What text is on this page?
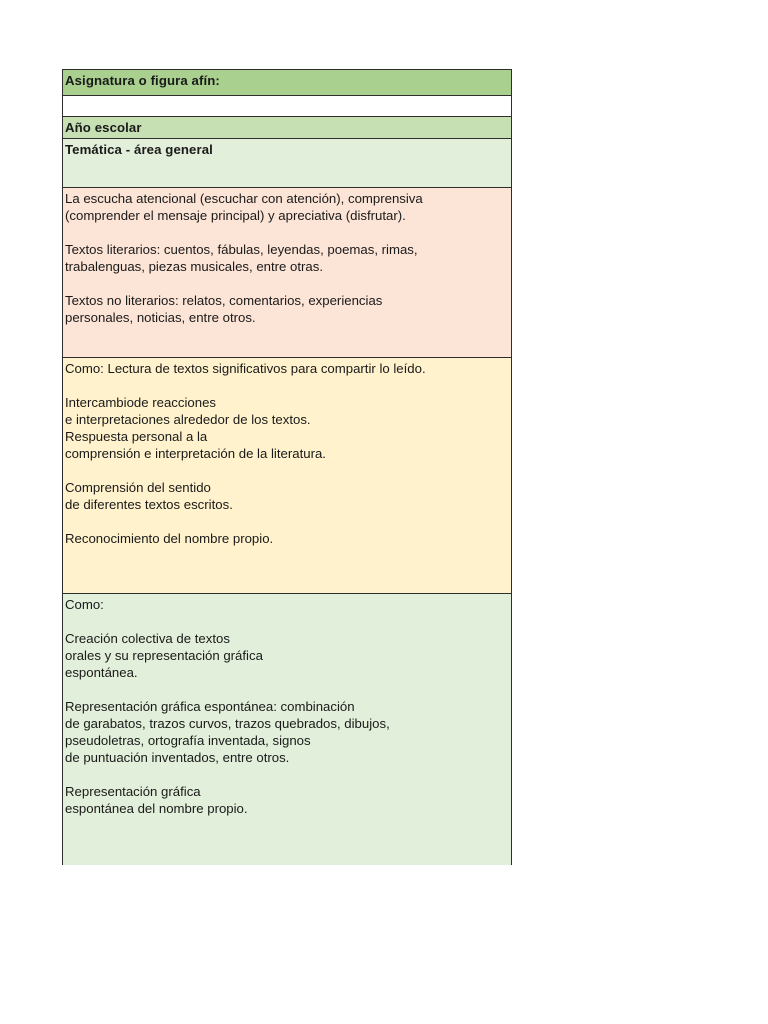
Asignatura o figura afín:
Año escolar
Temática - área general

La escucha atencional (escuchar con atención), comprensiva
(comprender el mensaje principal) y apreciativa (disfrutar).

Textos literarios: cuentos, fábulas, leyendas, poemas, rimas,
trabalenguas, piezas musicales, entre otras.

Textos no literarios: relatos, comentarios, experiencias
personales, noticias, entre otros.

Como: Lectura de textos significativos para compartir lo leído.

Intercambiode reacciones
e interpretaciones alrededor de los textos.
Respuesta personal a la
comprensión e interpretación de la literatura.

Comprensión del sentido
de diferentes textos escritos.

Reconocimiento del nombre propio.

Como:

Creación colectiva de textos
orales y su representación gráfica
espontánea.

Representación gráfica espontánea: combinación
de garabatos, trazos curvos, trazos quebrados, dibujos,
pseudoletras, ortografía inventada, signos
de puntuación inventados, entre otros.

Representación gráfica
espontánea del nombre propio.
